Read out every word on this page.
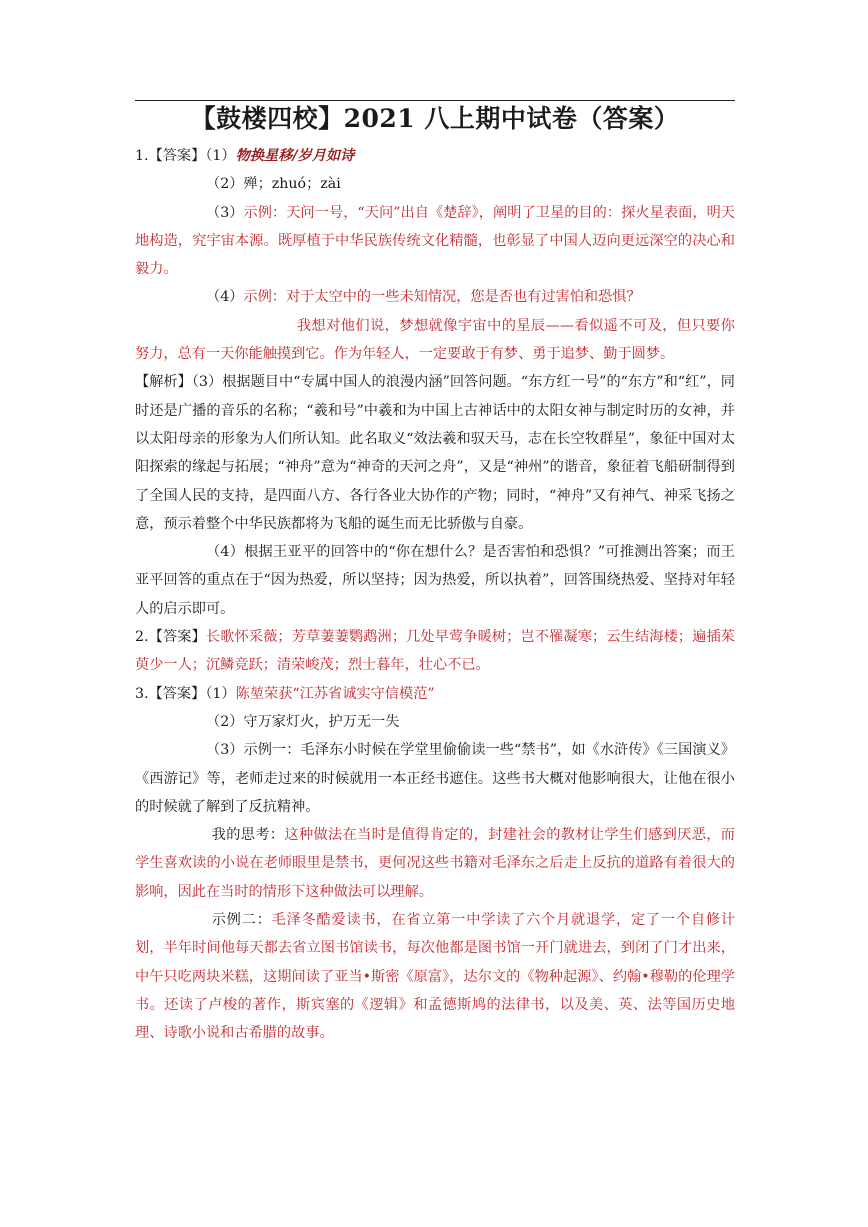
【鼓楼四校】2021 八上期中试卷（答案）

1.【答案】（1）物换星移/岁月如诗

（2）殚；zhuó；zài

（3）示例：天问一号，“天问”出自《楚辞》，阐明了卫星的目的：探火星表面，明天地构造，究宇宙本源。既厚植于中华民族传统文化精髓，也彰显了中国人迈向更远深空的决心和毅力。

（4）示例：对于太空中的一些未知情况，您是否也有过害怕和恐惧？

我想对他们说，梦想就像宇宙中的星辰——看似遥不可及，但只要你努力，总有一天你能触摸到它。作为年轻人，一定要敢于有梦、勇于追梦、勤于圆梦。

【解析】（3）根据题目中“专属中国人的浪漫内涵”回答问题。“东方红一号”的“东方”和“红”，同时还是广播的音乐的名称；“羲和号”中羲和为中国上古神话中的太阳女神与制定时历的女神，并以太阳母亲的形象为人们所认知。此名取义“效法羲和驭天马，志在长空牧群星”，象征中国对太阳探索的缘起与拓展；“神舟”意为“神奇的天河之舟”，又是“神州”的谐音，象征着飞船研制得到了全国人民的支持，是四面八方、各行各业大协作的产物；同时，“神舟”又有神气、神采飞扬之意，预示着整个中华民族都将为飞船的诞生而无比骄傲与自豪。

（4）根据王亚平的回答中的“你在想什么？是否害怕和恐惧？”可推测出答案；而王亚平回答的重点在于“因为热爱，所以坚持；因为热爱，所以执着”，回答围绕热爱、坚持对年轻人的启示即可。

2.【答案】长歌怀采薇；芳草萋萋鹦鹉洲；几处早莺争暖树；岂不罹凝寒；云生结海楼；遍插茱萸少一人；沉鳞竞跃；清荣峻茂；烈士暮年，壮心不已。

3.【答案】（1）陈堃荣获“江苏省诚实守信模范”

（2）守万家灯火，护万无一失

（3）示例一：毛泽东小时候在学堂里偷偷读一些“禁书”，如《水浒传》《三国演义》《西游记》等，老师走过来的时候就用一本正经书遮住。这些书大概对他影响很大，让他在很小的时候就了解到了反抗精神。

我的思考：这种做法在当时是值得肯定的，封建社会的教材让学生们感到厌恶，而学生喜欢读的小说在老师眼里是禁书，更何况这些书籍对毛泽东之后走上反抗的道路有着很大的影响，因此在当时的情形下这种做法可以理解。

示例二：毛泽冬酷爱读书，在省立第一中学读了六个月就退学，定了一个自修计划，半年时间他每天都去省立图书馆读书，每次他都是图书馆一开门就进去，到闭了门才出来，中午只吃两块米糕，这期间读了亚当•斯密《原富》，达尔文的《物种起源》、约翰•穆勒的伦理学书。还读了卢梭的著作，斯宾塞的《逻辑》和孟德斯鸠的法律书，以及美、英、法等国历史地理、诗歌小说和古希腊的故事。
